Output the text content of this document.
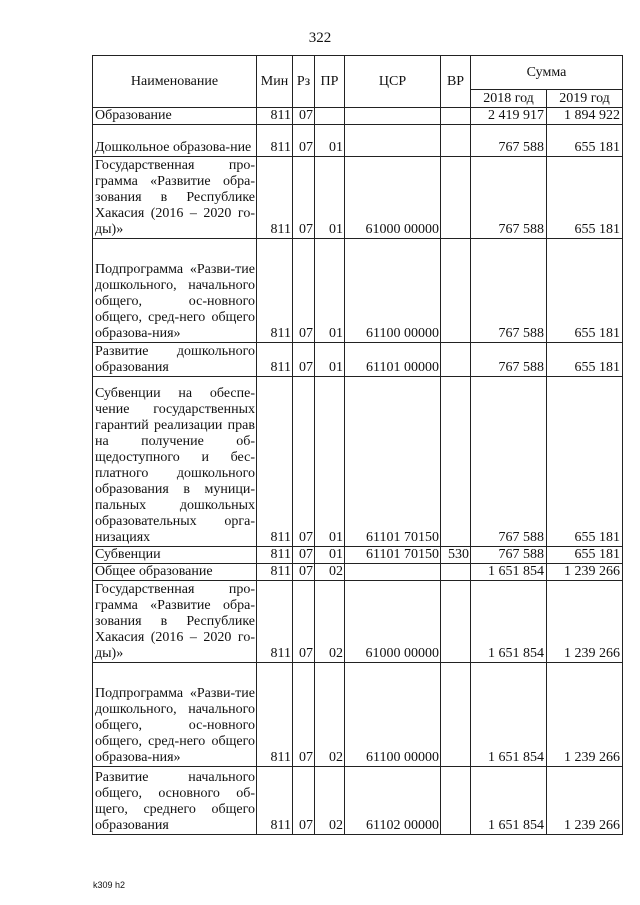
322
Наименование	Мин	Рз	ПР	ЦСР	ВР	Сумма	
						2018 год	2019 год
Образование	811	07				2 419 917	1 894 922
Дошкольное образова-ние	811	07	01			767 588	655 181
Государственная про-грамма «Развитие обра-зования в Республике Хакасия (2016 – 2020 го-ды)»	811	07	01	61000 00000		767 588	655 181
Подпрограмма «Разви-тие дошкольного, начального общего, ос-новного общего, сред-него общего образова-ния»	811	07	01	61100 00000		767 588	655 181
Развитие дошкольного образования	811	07	01	61101 00000		767 588	655 181
Субвенции на обеспе-чение государственных гарантий реализации прав на получение об-щедоступного и бес-платного дошкольного образования в муници-пальных дошкольных образовательных орга-низациях	811	07	01	61101 70150		767 588	655 181
Субвенции	811	07	01	61101 70150	530	767 588	655 181
Общее образование	811	07	02			1 651 854	1 239 266
Государственная про-грамма «Развитие обра-зования в Республике Хакасия (2016 – 2020 го-ды)»	811	07	02	61000 00000		1 651 854	1 239 266
Подпрограмма «Разви-тие дошкольного, начального общего, ос-новного общего, сред-него общего образова-ния»	811	07	02	61100 00000		1 651 854	1 239 266
Развитие начального общего, основного об-щего, среднего общего образования	811	07	02	61102 00000		1 651 854	1 239 266
k309 h2
